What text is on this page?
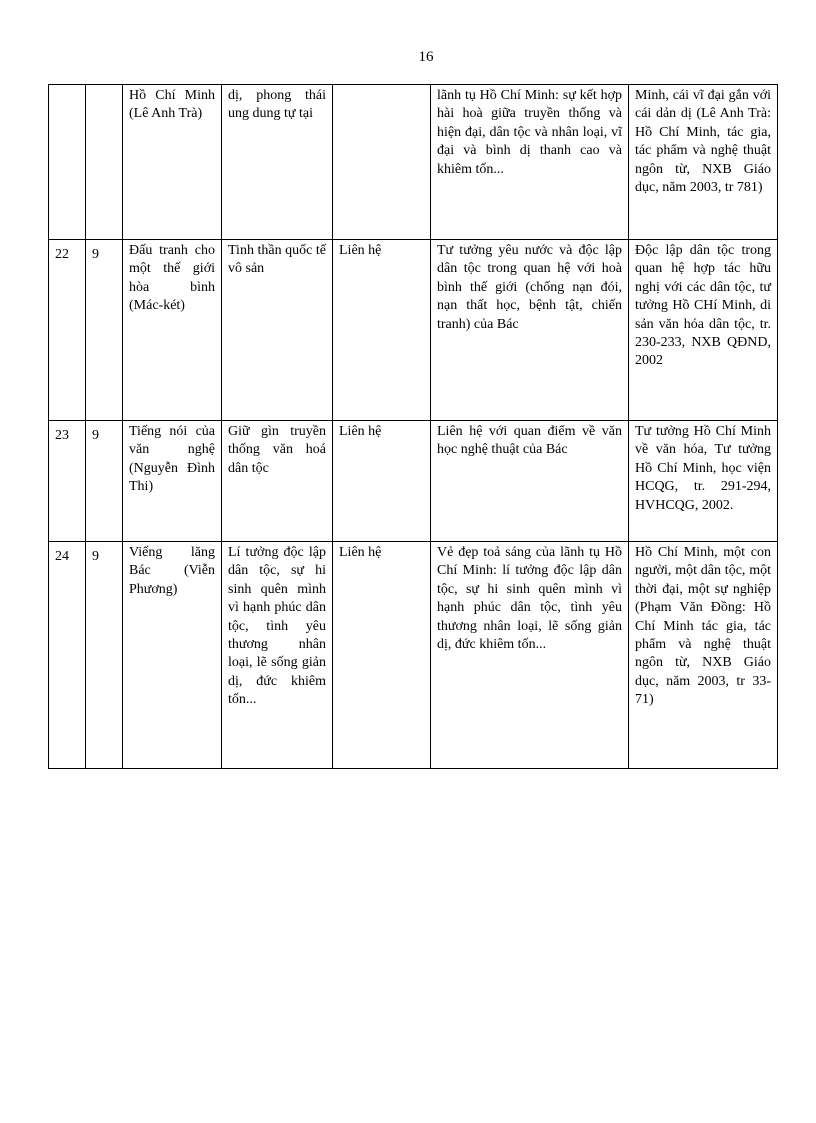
16
		Hồ Chí Minh (Lê Anh Trà)	dị, phong thái ung dung tự tại		lãnh tụ Hồ Chí Minh: sự kết hợp hài hoà giữa truyền thống và hiện đại, dân tộc và nhân loại, vĩ đại và bình dị thanh cao và khiêm tốn...	Minh, cái vĩ đại gắn với cái dản dị (Lê Anh Trà: Hồ Chí Minh, tác gia, tác phẩm và nghệ thuật ngôn từ, NXB Giáo dục, năm 2003, tr 781)
22	9	Đấu tranh cho một thế giới hòa bình (Mác-két)	Tinh thần quốc tế vô sản	Liên hệ	Tư tưởng yêu nước và độc lập dân tộc trong quan hệ với hoà bình thế giới (chống nạn đói, nạn thất học, bệnh tật, chiến tranh) của Bác	Độc lập dân tộc trong quan hệ hợp tác hữu nghị với các dân tộc, tư tưởng Hồ CHí Minh, di sản văn hóa dân tộc, tr. 230-233, NXB QĐND, 2002
23	9	Tiếng nói của văn nghệ (Nguyễn Đình Thi)	Giữ gìn truyền thống văn hoá dân tộc	Liên hệ	Liên hệ với quan điểm về văn học nghệ thuật của Bác	Tư tưởng Hồ Chí Minh về văn hóa, Tư tưởng Hồ Chí Minh, học viện HCQG, tr. 291-294, HVHCQG, 2002.
24	9	Viếng lăng Bác (Viễn Phương)	Lí tưởng độc lập dân tộc, sự hi sinh quên mình vì hạnh phúc dân tộc, tình yêu thương nhân loại, lẽ sống giản dị, đức khiêm tốn...	Liên hệ	Vẻ đẹp toả sáng của lãnh tụ Hồ Chí Minh: lí tưởng độc lập dân tộc, sự hi sinh quên mình vì hạnh phúc dân tộc, tình yêu thương nhân loại, lẽ sống giản dị, đức khiêm tốn...	Hồ Chí Minh, một con người, một dân tộc, một thời đại, một sự nghiệp (Phạm Văn Đồng: Hồ Chí Minh tác gia, tác phẩm và nghệ thuật ngôn từ, NXB Giáo dục, năm 2003, tr 33-71)
